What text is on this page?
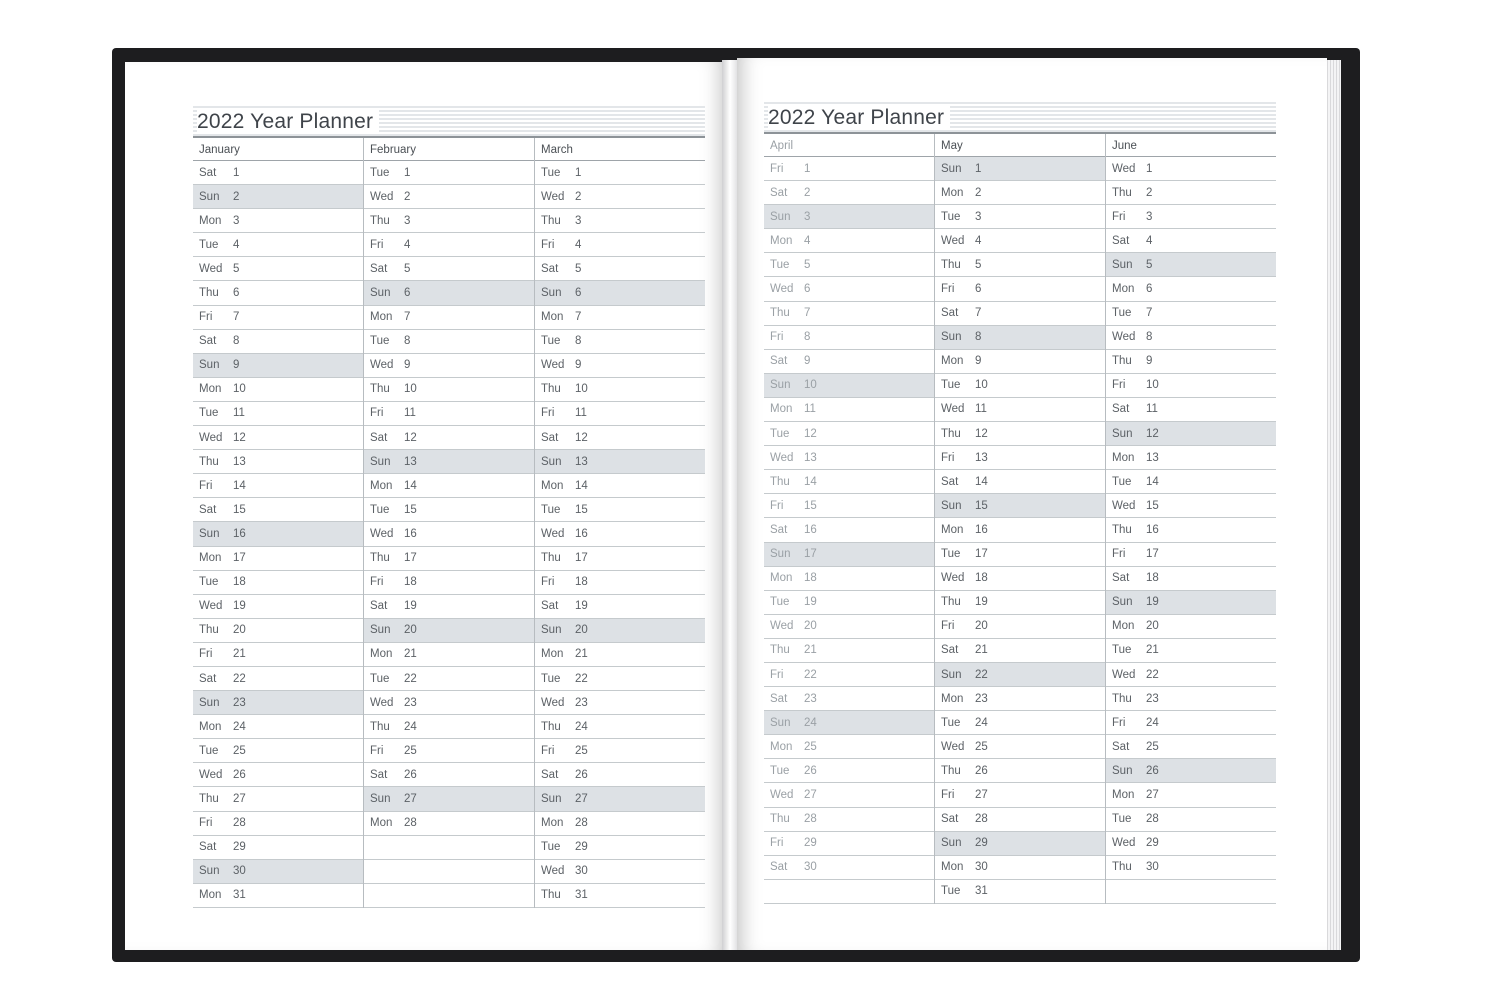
2022 Year Planner
January
Sat	1
Sun	2
Mon	3
Tue	4
Wed 5
Thu	6
Fri	7
Sat	8
Sun	9
Mon	10
Tue	11
Wed 12
Thu	13
Fri	14
Sat	15
Sun	16
Mon	17
Tue	18
Wed 19
Thu	20
Fri	21
Sat	22
Sun	23
Mon	24
Tue	25
Wed 26
Thu	27
Fri	28
Sat	29
Sun	30
Mon	31
February
Tue	1
Wed 2
Thu	3
Fri	4
Sat	5
Sun	6
Mon	7
Tue	8
Wed 9
Thu	10
Fri	11
Sat	12
Sun	13
Mon	14
Tue	15
Wed 16
Thu	17
Fri	18
Sat	19
Sun	20
Mon	21
Tue	22
Wed 23
Thu	24
Fri	25
Sat	26
Sun	27
Mon	28
March
Tue	1
Wed 2
Thu	3
Fri	4
Sat	5
Sun	6
Mon	7
Tue	8
Wed 9
Thu	10
Fri	11
Sat	12
Sun	13
Mon	14
Tue	15
Wed 16
Thu	17
Fri	18
Sat	19
Sun	20
Mon	21
Tue	22
Wed 23
Thu	24
Fri	25
Sat	26
Sun	27
Mon	28
Tue	29
Wed 30
Thu	31
2022 Year Planner
April
Fri	1
Sat	2
Sun	3
Mon	4
Tue	5
Wed 6
Thu	7
Fri	8
Sat	9
Sun	10
Mon	11
Tue	12
Wed 13
Thu	14
Fri	15
Sat	16
Sun	17
Mon	18
Tue	19
Wed 20
Thu	21
Fri	22
Sat	23
Sun	24
Mon	25
Tue	26
Wed 27
Thu	28
Fri	29
Sat	30
May
Sun	1
Mon	2
Tue	3
Wed 4
Thu	5
Fri	6
Sat	7
Sun	8
Mon	9
Tue	10
Wed 11
Thu	12
Fri	13
Sat	14
Sun	15
Mon	16
Tue	17
Wed 18
Thu	19
Fri	20
Sat	21
Sun	22
Mon	23
Tue	24
Wed 25
Thu	26
Fri	27
Sat	28
Sun	29
Mon	30
Tue	31
June
Wed 1
Thu	2
Fri	3
Sat	4
Sun	5
Mon	6
Tue	7
Wed 8
Thu	9
Fri	10
Sat	11
Sun	12
Mon	13
Tue	14
Wed 15
Thu	16
Fri	17
Sat	18
Sun	19
Mon	20
Tue	21
Wed 22
Thu	23
Fri	24
Sat	25
Sun	26
Mon	27
Tue	28
Wed 29
Thu	30
